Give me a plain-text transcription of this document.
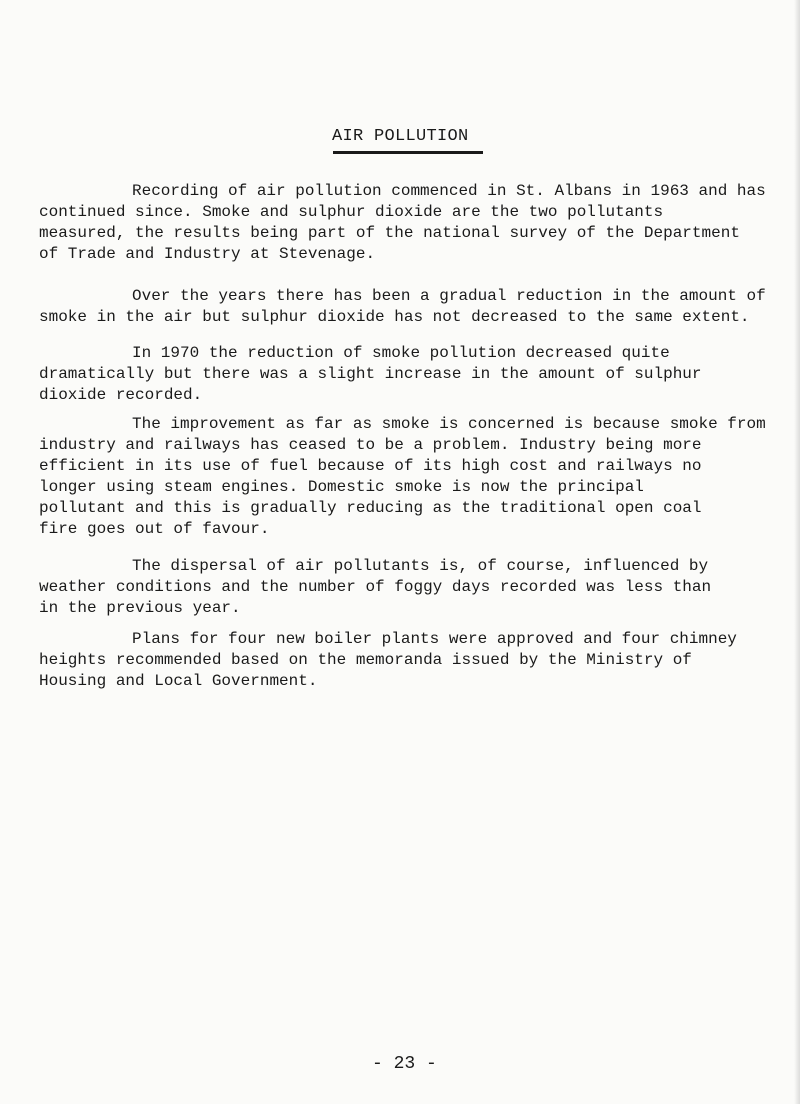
AIR POLLUTION

Recording of air pollution commenced in St. Albans in 1963 and has
continued since. Smoke and sulphur dioxide are the two pollutants
measured, the results being part of the national survey of the Department
of Trade and Industry at Stevenage.

Over the years there has been a gradual reduction in the amount of
smoke in the air but sulphur dioxide has not decreased to the same extent.

In 1970 the reduction of smoke pollution decreased quite
dramatically but there was a slight increase in the amount of sulphur
dioxide recorded.

The improvement as far as smoke is concerned is because smoke from
industry and railways has ceased to be a problem. Industry being more
efficient in its use of fuel because of its high cost and railways no
longer using steam engines. Domestic smoke is now the principal
pollutant and this is gradually reducing as the traditional open coal
fire goes out of favour.

The dispersal of air pollutants is, of course, influenced by
weather conditions and the number of foggy days recorded was less than
in the previous year.

Plans for four new boiler plants were approved and four chimney
heights recommended based on the memoranda issued by the Ministry of
Housing and Local Government.

- 23 -
